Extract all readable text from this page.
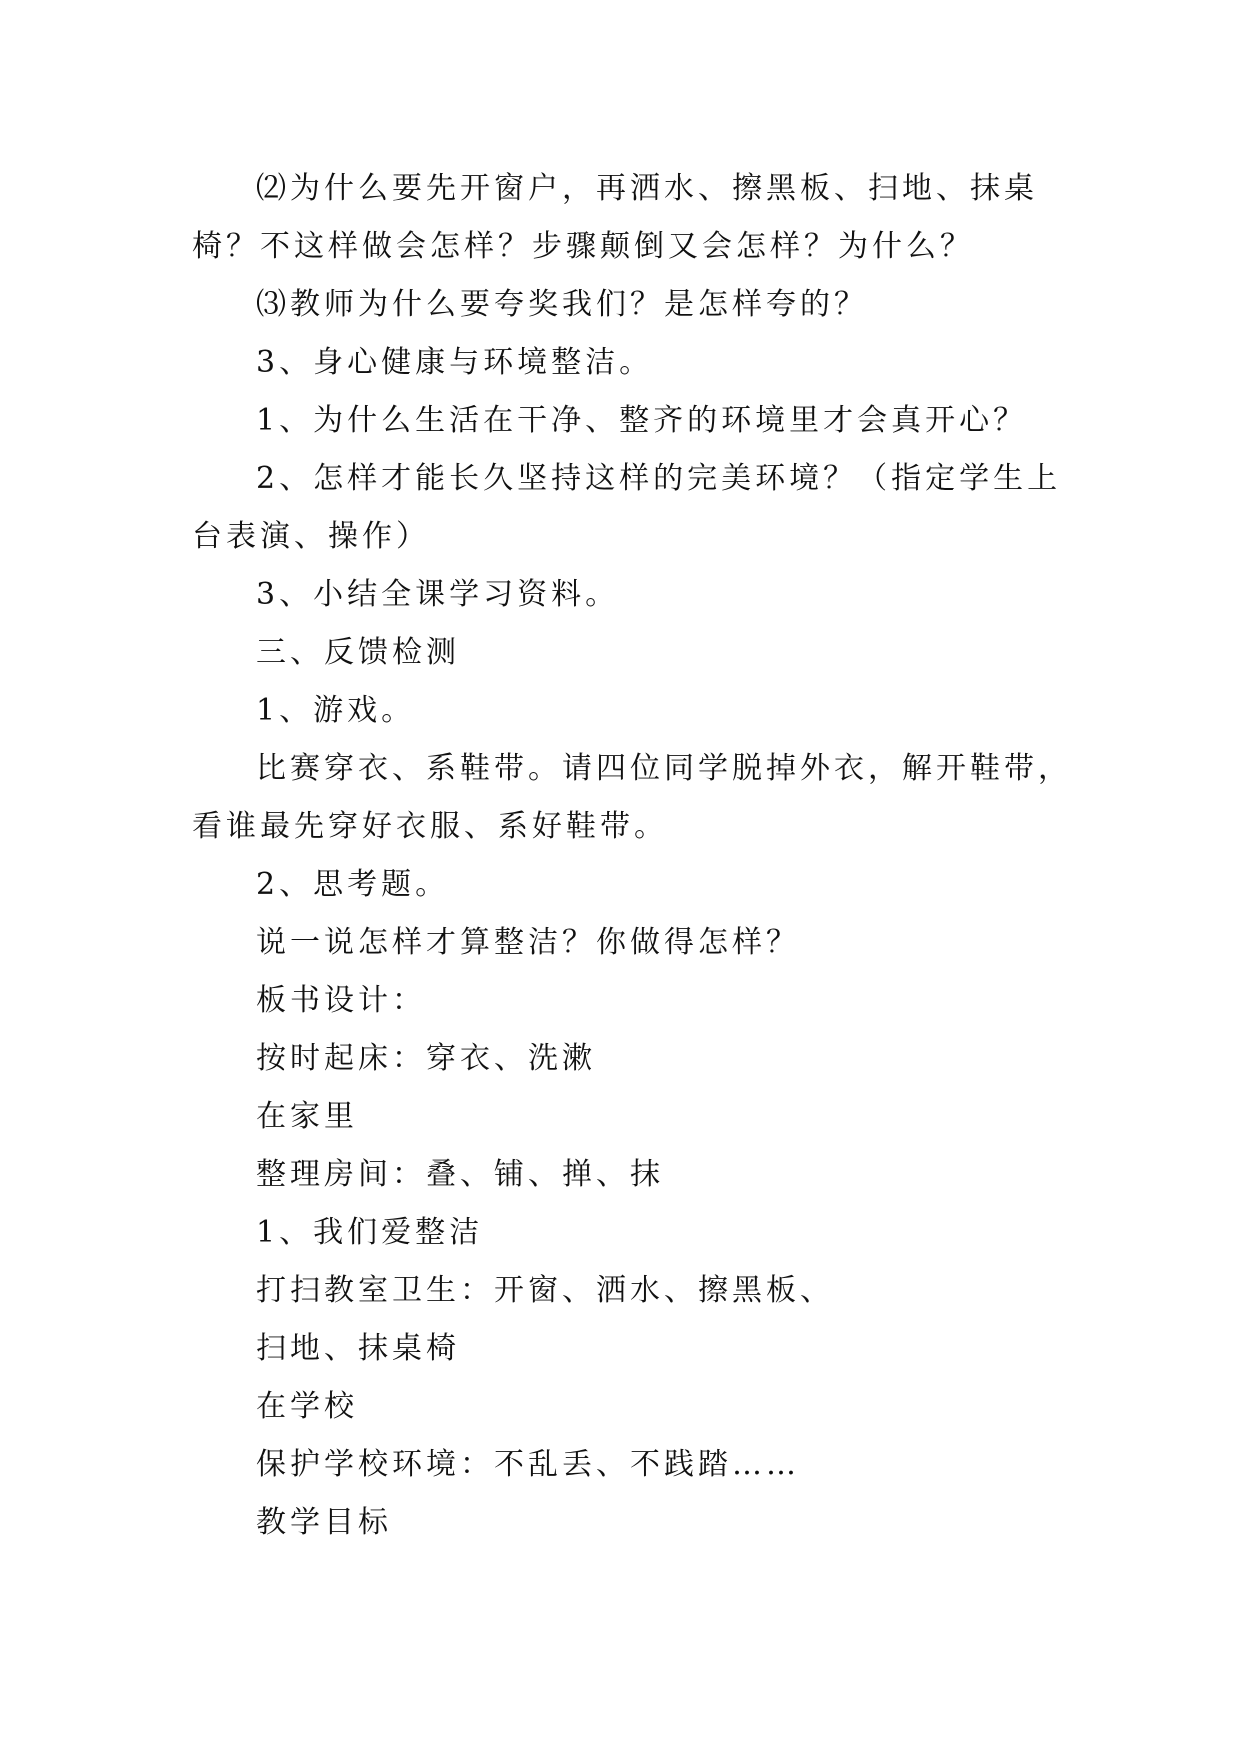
⑵为什么要先开窗户，再洒水、擦黑板、扫地、抹桌椅？不这样做会怎样？步骤颠倒又会怎样？为什么？

⑶教师为什么要夸奖我们？是怎样夸的？

3、身心健康与环境整洁。

1、为什么生活在干净、整齐的环境里才会真开心？

2、怎样才能长久坚持这样的完美环境？（指定学生上台表演、操作）

3、小结全课学习资料。

三、反馈检测

1、游戏。

比赛穿衣、系鞋带。请四位同学脱掉外衣，解开鞋带，看谁最先穿好衣服、系好鞋带。

2、思考题。

说一说怎样才算整洁？你做得怎样？

板书设计：

按时起床：穿衣、洗漱

在家里

整理房间：叠、铺、掸、抹

1、我们爱整洁

打扫教室卫生：开窗、洒水、擦黑板、

扫地、抹桌椅

在学校

保护学校环境：不乱丢、不践踏……

教学目标
